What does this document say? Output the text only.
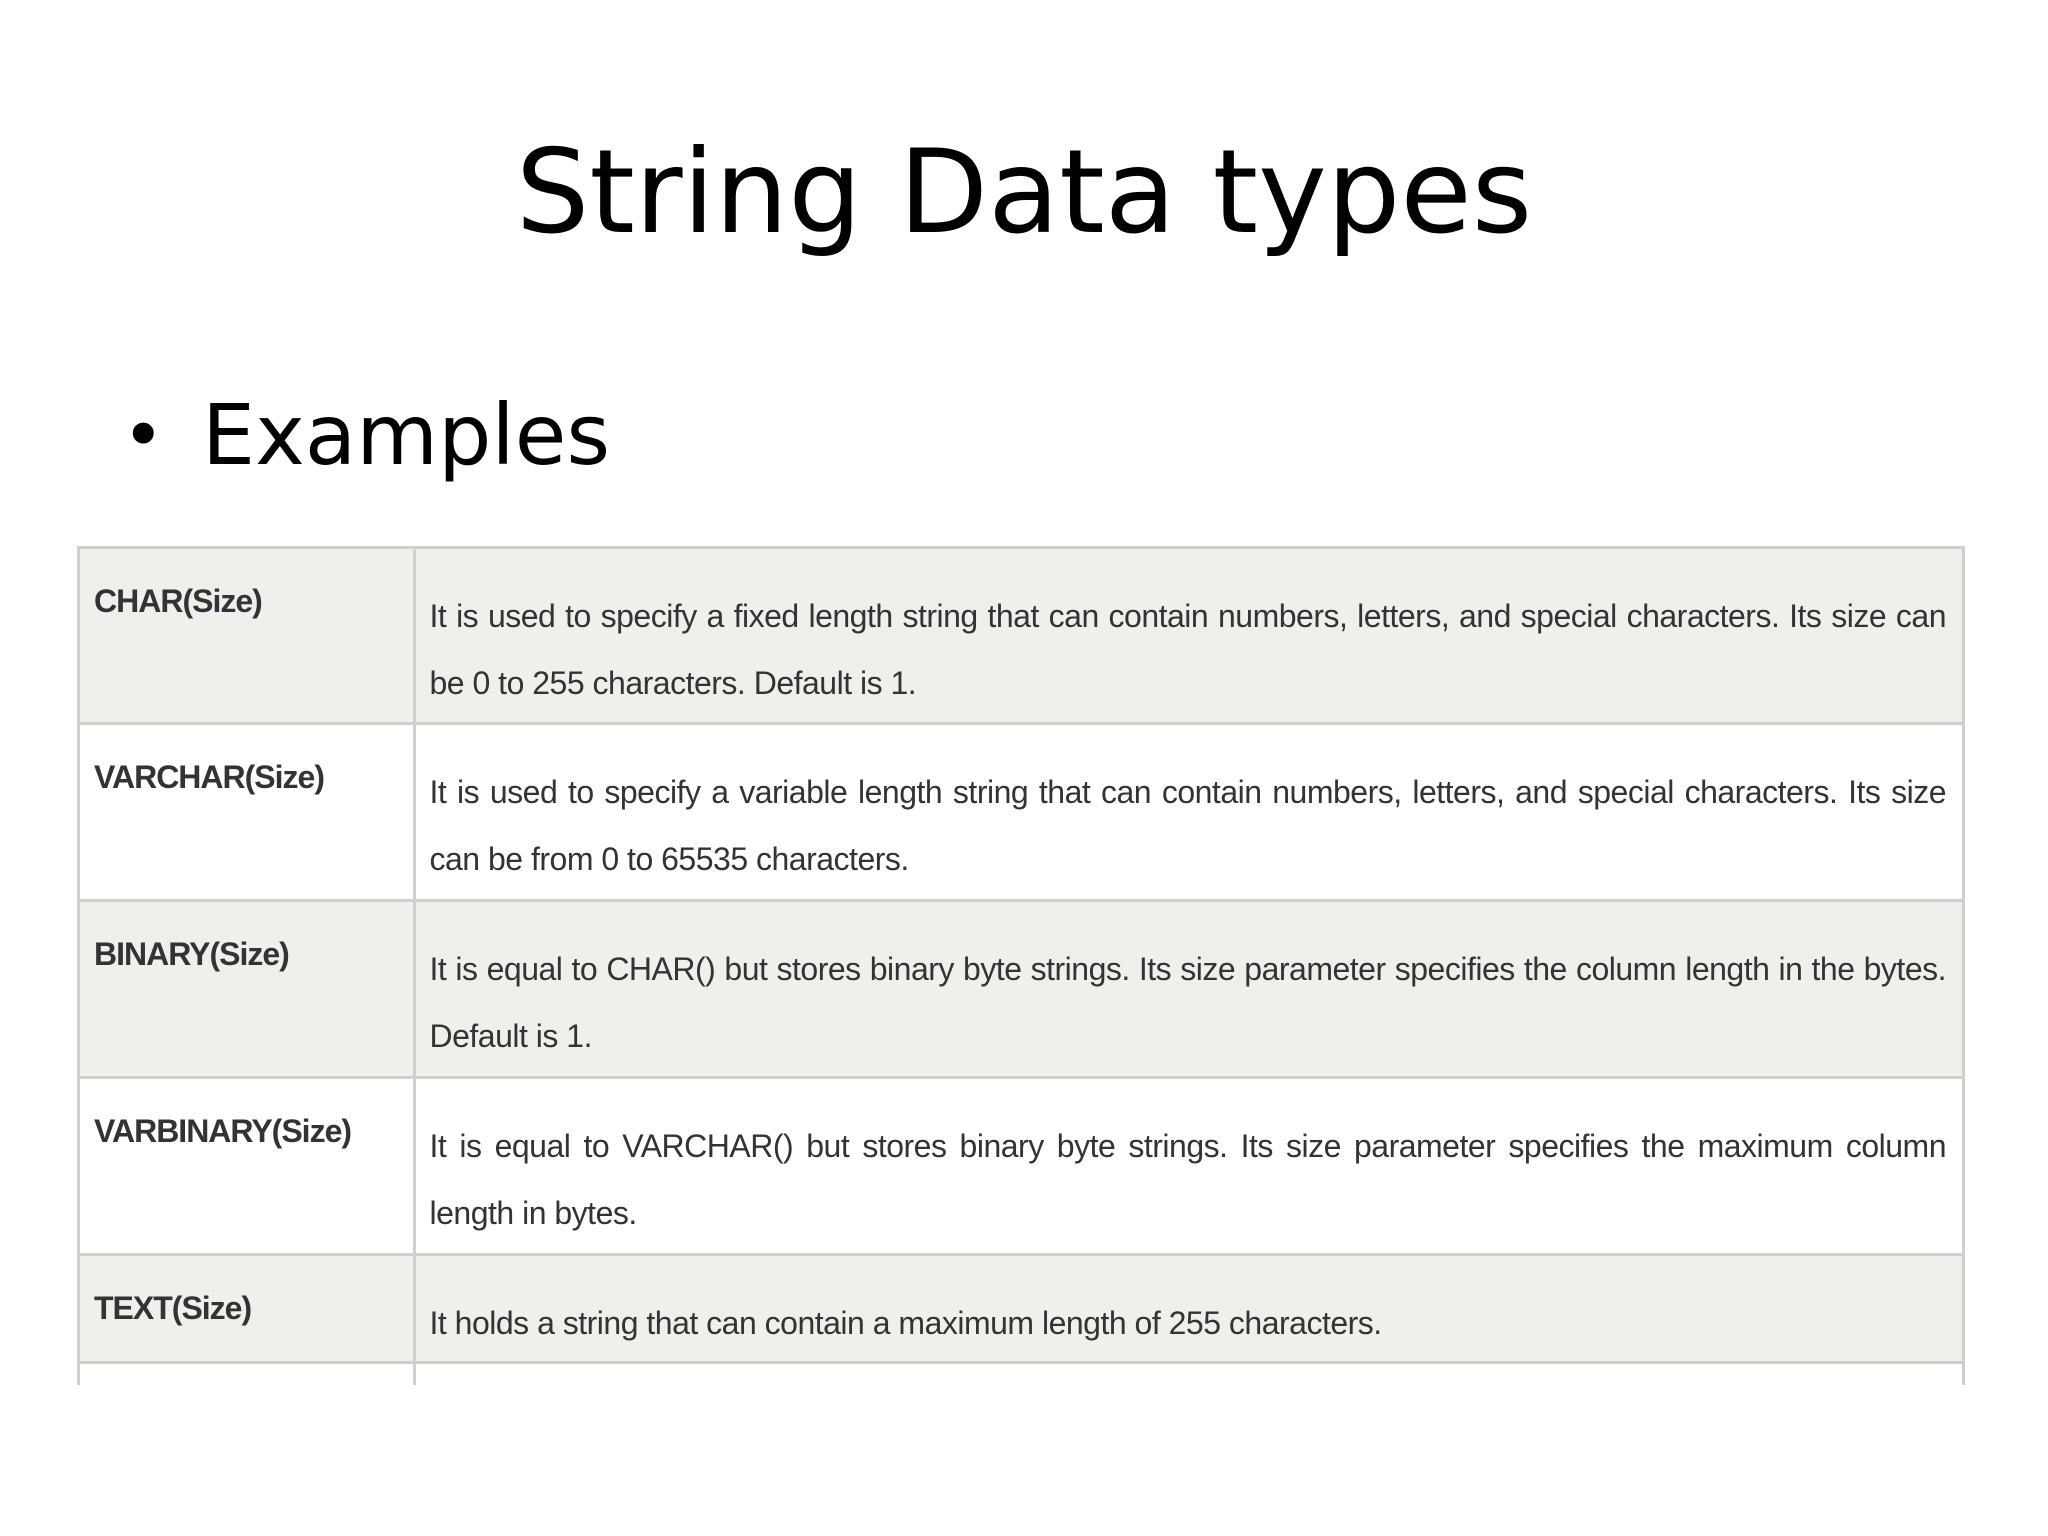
String Data types
• Examples
CHAR(Size)	It is used to specify a fixed length string that can contain numbers, letters, and special characters. Its size can be 0 to 255 characters. Default is 1.
VARCHAR(Size)	It is used to specify a variable length string that can contain numbers, letters, and special characters. Its size can be from 0 to 65535 characters.
BINARY(Size)	It is equal to CHAR() but stores binary byte strings. Its size parameter specifies the column length in the bytes. Default is 1.
VARBINARY(Size)	It is equal to VARCHAR() but stores binary byte strings. Its size parameter specifies the maximum column length in bytes.
TEXT(Size)	It holds a string that can contain a maximum length of 255 characters.
